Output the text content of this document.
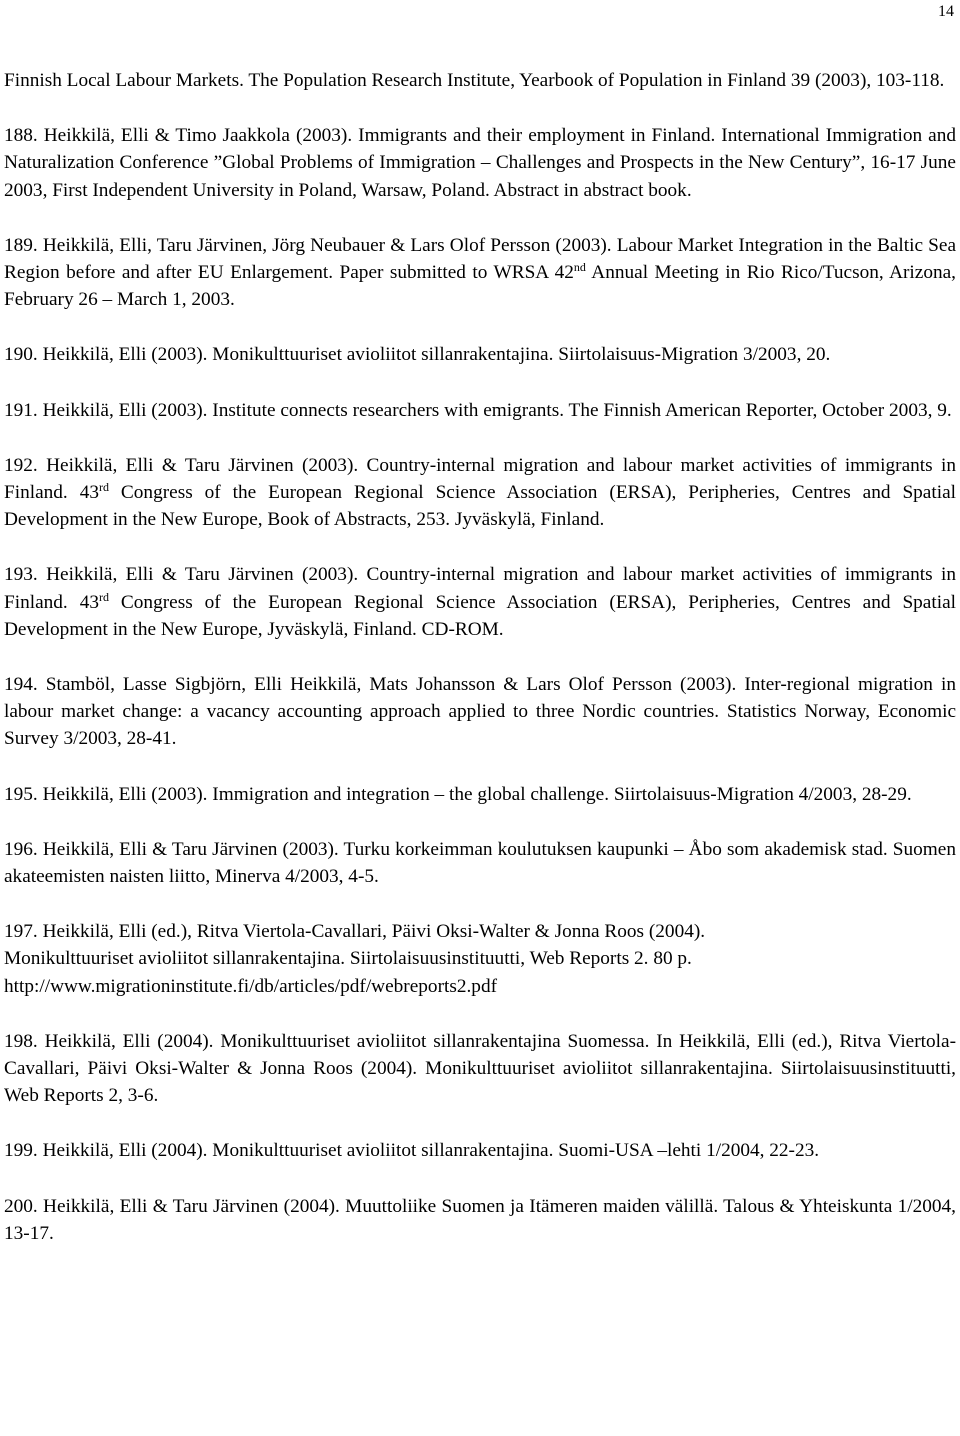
14

Finnish Local Labour Markets. The Population Research Institute, Yearbook of Population in Finland 39 (2003), 103-118.

188. Heikkilä, Elli & Timo Jaakkola (2003). Immigrants and their employment in Finland. International Immigration and Naturalization Conference ”Global Problems of Immigration – Challenges and Prospects in the New Century”, 16-17 June 2003, First Independent University in Poland, Warsaw, Poland. Abstract in abstract book.

189. Heikkilä, Elli, Taru Järvinen, Jörg Neubauer & Lars Olof Persson (2003). Labour Market Integration in the Baltic Sea Region before and after EU Enlargement. Paper submitted to WRSA 42nd Annual Meeting in Rio Rico/Tucson, Arizona, February 26 – March 1, 2003.

190. Heikkilä, Elli (2003). Monikulttuuriset avioliitot sillanrakentajina. Siirtolaisuus-Migration 3/2003, 20.

191. Heikkilä, Elli (2003). Institute connects researchers with emigrants. The Finnish American Reporter, October 2003, 9.

192. Heikkilä, Elli & Taru Järvinen (2003). Country-internal migration and labour market activities of immigrants in Finland. 43rd Congress of the European Regional Science Association (ERSA), Peripheries, Centres and Spatial Development in the New Europe, Book of Abstracts, 253. Jyväskylä, Finland.

193. Heikkilä, Elli & Taru Järvinen (2003). Country-internal migration and labour market activities of immigrants in Finland. 43rd Congress of the European Regional Science Association (ERSA), Peripheries, Centres and Spatial Development in the New Europe, Jyväskylä, Finland. CD-ROM.

194. Stamböl, Lasse Sigbjörn, Elli Heikkilä, Mats Johansson & Lars Olof Persson (2003). Inter-regional migration in labour market change: a vacancy accounting approach applied to three Nordic countries. Statistics Norway, Economic Survey 3/2003, 28-41.

195. Heikkilä, Elli (2003). Immigration and integration – the global challenge. Siirtolaisuus-Migration 4/2003, 28-29.

196. Heikkilä, Elli & Taru Järvinen (2003). Turku korkeimman koulutuksen kaupunki – Åbo som akademisk stad. Suomen akateemisten naisten liitto, Minerva 4/2003, 4-5.

197. Heikkilä, Elli (ed.), Ritva Viertola-Cavallari, Päivi Oksi-Walter & Jonna Roos (2004).
Monikulttuuriset avioliitot sillanrakentajina. Siirtolaisuusinstituutti, Web Reports 2. 80 p.
http://www.migrationinstitute.fi/db/articles/pdf/webreports2.pdf

198. Heikkilä, Elli (2004). Monikulttuuriset avioliitot sillanrakentajina Suomessa. In Heikkilä, Elli (ed.), Ritva Viertola-Cavallari, Päivi Oksi-Walter & Jonna Roos (2004). Monikulttuuriset avioliitot sillanrakentajina. Siirtolaisuusinstituutti, Web Reports 2, 3-6.

199. Heikkilä, Elli (2004). Monikulttuuriset avioliitot sillanrakentajina. Suomi-USA –lehti 1/2004, 22-23.

200. Heikkilä, Elli & Taru Järvinen (2004). Muuttoliike Suomen ja Itämeren maiden välillä. Talous & Yhteiskunta 1/2004, 13-17.
